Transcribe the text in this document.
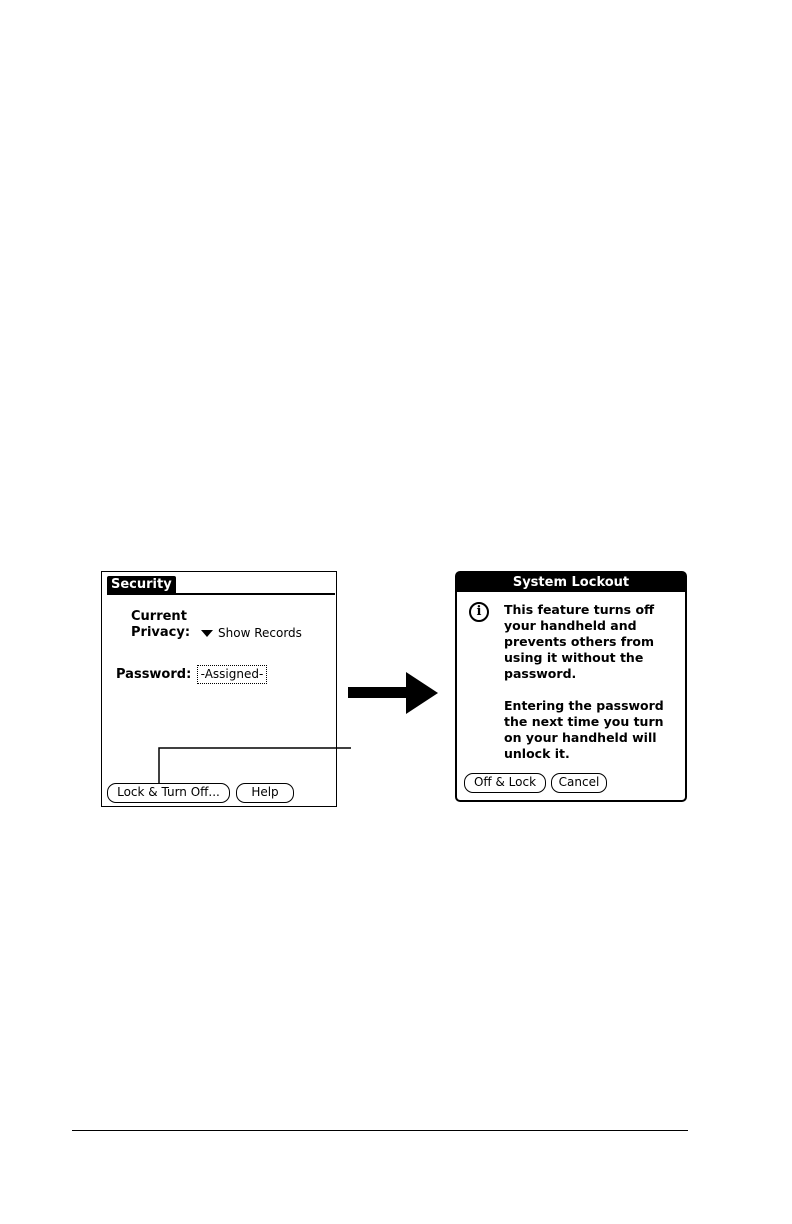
Security
Current
Privacy: Show Records
Password: -Assigned-
Lock & Turn Off...	Help
System Lockout
i	This feature turns off
your handheld and
prevents others from
using it without the
password.
Entering the password
the next time you turn
on your handheld will
unlock it.
Off & Lock	Cancel
